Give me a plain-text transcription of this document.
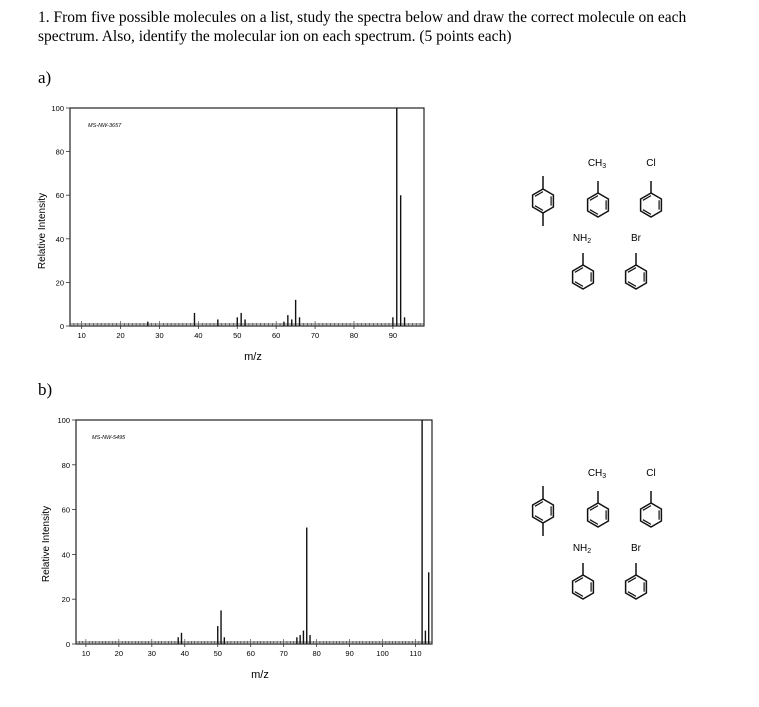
1. From five possible molecules on a list, study the spectra below and draw the correct molecule on each
spectrum. Also, identify the molecular ion on each spectrum. (5 points each)
a)
b)
Relative Intensity
m/z
MS-NW-3657
10	20	30	40	50	60	70	80	90
0
20
40
60
80
100
Relative Intensity
m/z
MS-NW-5495
10	20	30	40	50	60	70	80	90	100	110
0
20
40
60
80
100
$CH_3$	Cl
$NH_2$	Br
$CH_3$	Cl
$NH_2$	Br
